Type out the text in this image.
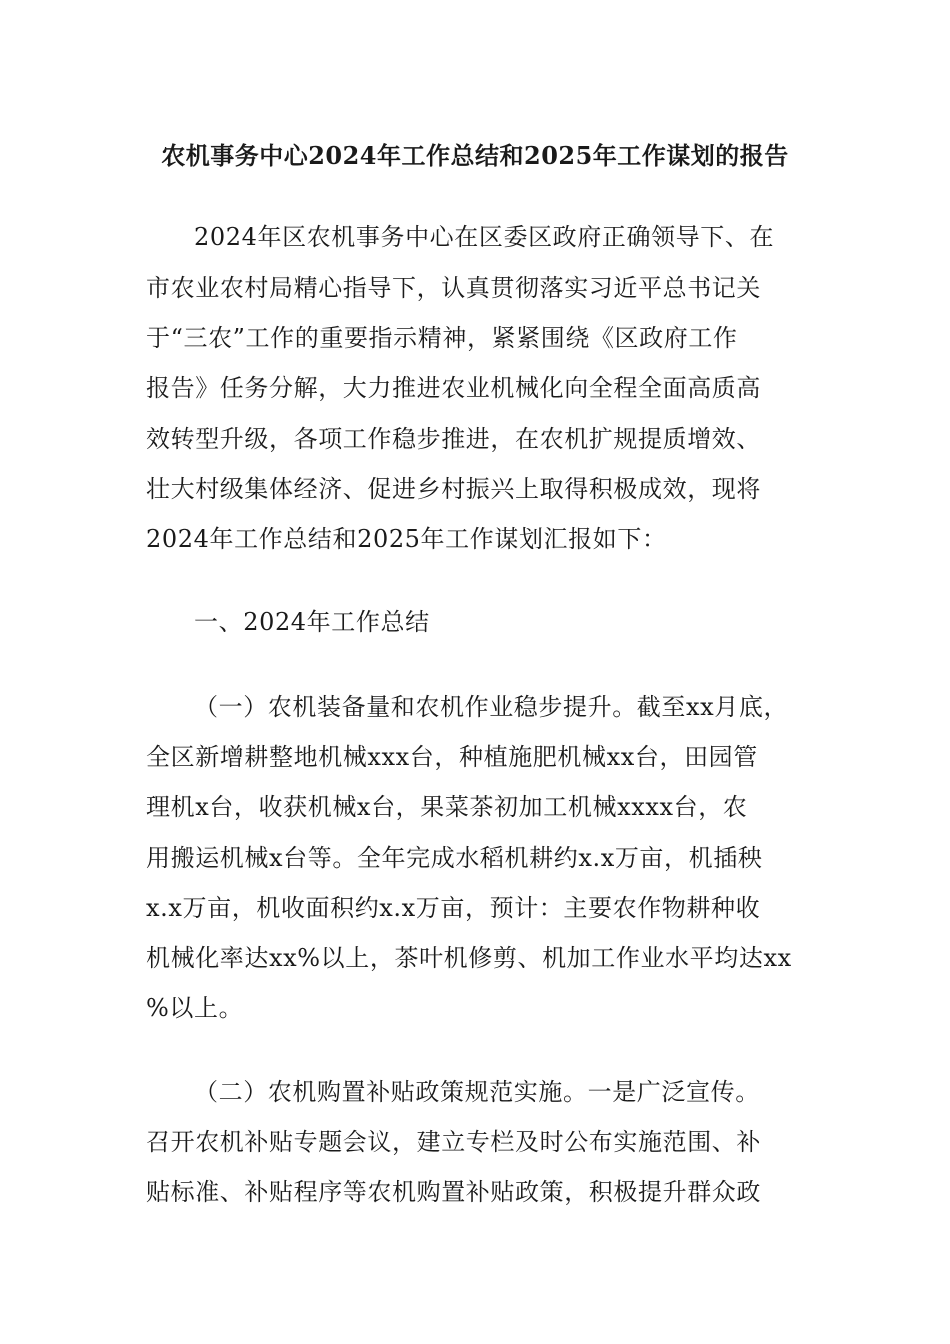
农机事务中心2024年工作总结和2025年工作谋划的报告
2024年区农机事务中心在区委区政府正确领导下、在
市农业农村局精心指导下，认真贯彻落实习近平总书记关
于“三农”工作的重要指示精神，紧紧围绕《区政府工作
报告》任务分解，大力推进农业机械化向全程全面高质高
效转型升级，各项工作稳步推进，在农机扩规提质增效、
壮大村级集体经济、促进乡村振兴上取得积极成效，现将
2024年工作总结和2025年工作谋划汇报如下：
一、2024年工作总结
（一）农机装备量和农机作业稳步提升。截至xx月底，
全区新增耕整地机械xxx台，种植施肥机械xx台，田园管
理机x台，收获机械x台，果菜茶初加工机械xxxx台，农
用搬运机械x台等。全年完成水稻机耕约x.x万亩，机插秧
x.x万亩，机收面积约x.x万亩，预计：主要农作物耕种收
机械化率达xx%以上，茶叶机修剪、机加工作业水平均达xx
%以上。
（二）农机购置补贴政策规范实施。一是广泛宣传。
召开农机补贴专题会议，建立专栏及时公布实施范围、补
贴标准、补贴程序等农机购置补贴政策，积极提升群众政
